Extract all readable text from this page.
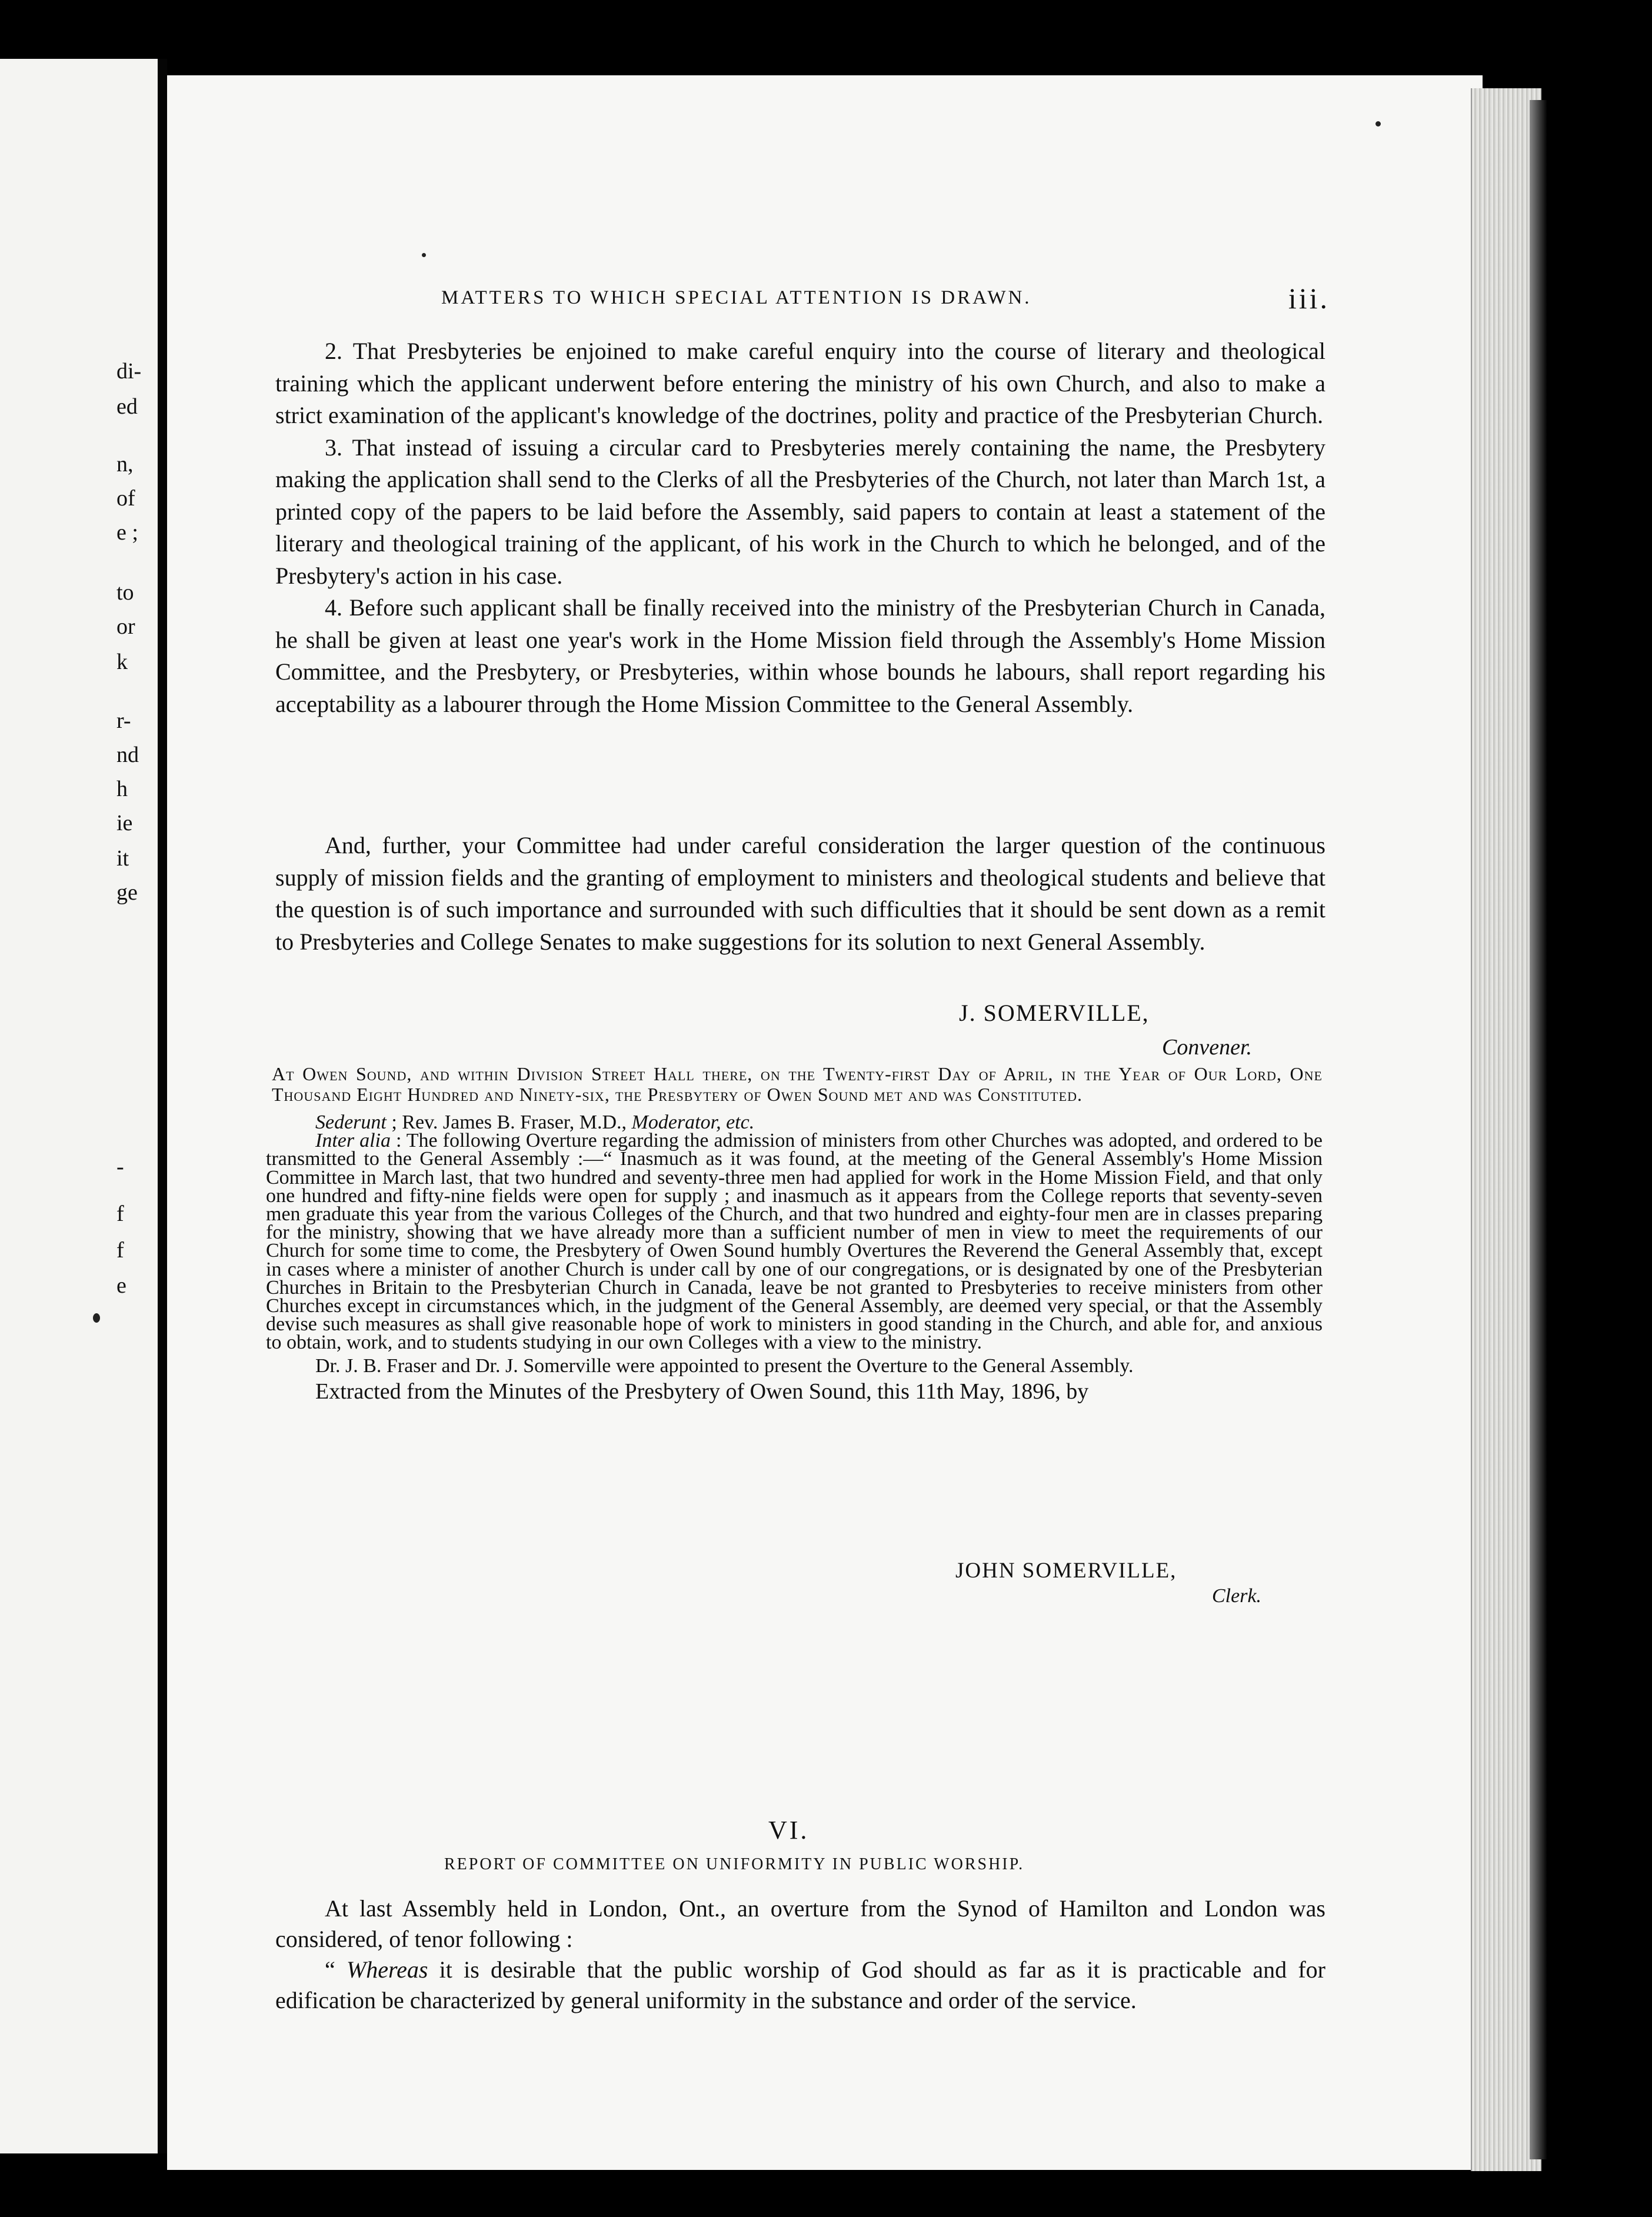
di-
ed
n,
of
e ;
to
or
k
r-
nd
h
ie
it
ge
-
f
f
e
MATTERS TO WHICH SPECIAL ATTENTION IS DRAWN.	iii.

2. That Presbyteries be enjoined to make careful enquiry into the course of literary and theological training which the applicant underwent before entering the ministry of his own Church, and also to make a strict examination of the applicant's knowledge of the doctrines, polity and practice of the Presbyterian Church.

3. That instead of issuing a circular card to Presbyteries merely containing the name, the Presbytery making the application shall send to the Clerks of all the Presbyteries of the Church, not later than March 1st, a printed copy of the papers to be laid before the Assembly, said papers to contain at least a statement of the literary and theological training of the applicant, of his work in the Church to which he belonged, and of the Presbytery's action in his case.

4. Before such applicant shall be finally received into the ministry of the Presbyterian Church in Canada, he shall be given at least one year's work in the Home Mission field through the Assembly's Home Mission Committee, and the Presbytery, or Presbyteries, within whose bounds he labours, shall report regarding his acceptability as a labourer through the Home Mission Committee to the General Assembly.

And, further, your Committee had under careful consideration the larger question of the continuous supply of mission fields and the granting of employment to ministers and theological students and believe that the question is of such importance and surrounded with such difficulties that it should be sent down as a remit to Presbyteries and College Senates to make suggestions for its solution to next General Assembly.

J. SOMERVILLE,
Convener.

At Owen Sound, and within Division Street Hall there, on the Twenty-first Day of April, in the Year of Our Lord, One Thousand Eight Hundred and Ninety-six, the Presbytery of Owen Sound met and was Constituted.

Sederunt ; Rev. James B. Fraser, M.D., Moderator, etc.

Inter alia : The following Overture regarding the admission of ministers from other Churches was adopted, and ordered to be transmitted to the General Assembly :—“ Inasmuch as it was found, at the meeting of the General Assembly's Home Mission Committee in March last, that two hundred and seventy-three men had applied for work in the Home Mission Field, and that only one hundred and fifty-nine fields were open for supply ; and inasmuch as it appears from the College reports that seventy-seven men graduate this year from the various Colleges of the Church, and that two hundred and eighty-four men are in classes preparing for the ministry, showing that we have already more than a sufficient number of men in view to meet the requirements of our Church for some time to come, the Presbytery of Owen Sound humbly Overtures the Reverend the General Assembly that, except in cases where a minister of another Church is under call by one of our congregations, or is designated by one of the Presbyterian Churches in Britain to the Presbyterian Church in Canada, leave be not granted to Presbyteries to receive ministers from other Churches except in circumstances which, in the judgment of the General Assembly, are deemed very special, or that the Assembly devise such measures as shall give reasonable hope of work to ministers in good standing in the Church, and able for, and anxious to obtain, work, and to students studying in our own Colleges with a view to the ministry.

Dr. J. B. Fraser and Dr. J. Somerville were appointed to present the Overture to the General Assembly.

Extracted from the Minutes of the Presbytery of Owen Sound, this 11th May, 1896, by

JOHN SOMERVILLE,
Clerk.
VI.
REPORT OF COMMITTEE ON UNIFORMITY IN PUBLIC WORSHIP.

At last Assembly held in London, Ont., an overture from the Synod of Hamilton and London was considered, of tenor following :

“ Whereas it is desirable that the public worship of God should as far as it is practicable and for edification be characterized by general uniformity in the substance and order of the service.
